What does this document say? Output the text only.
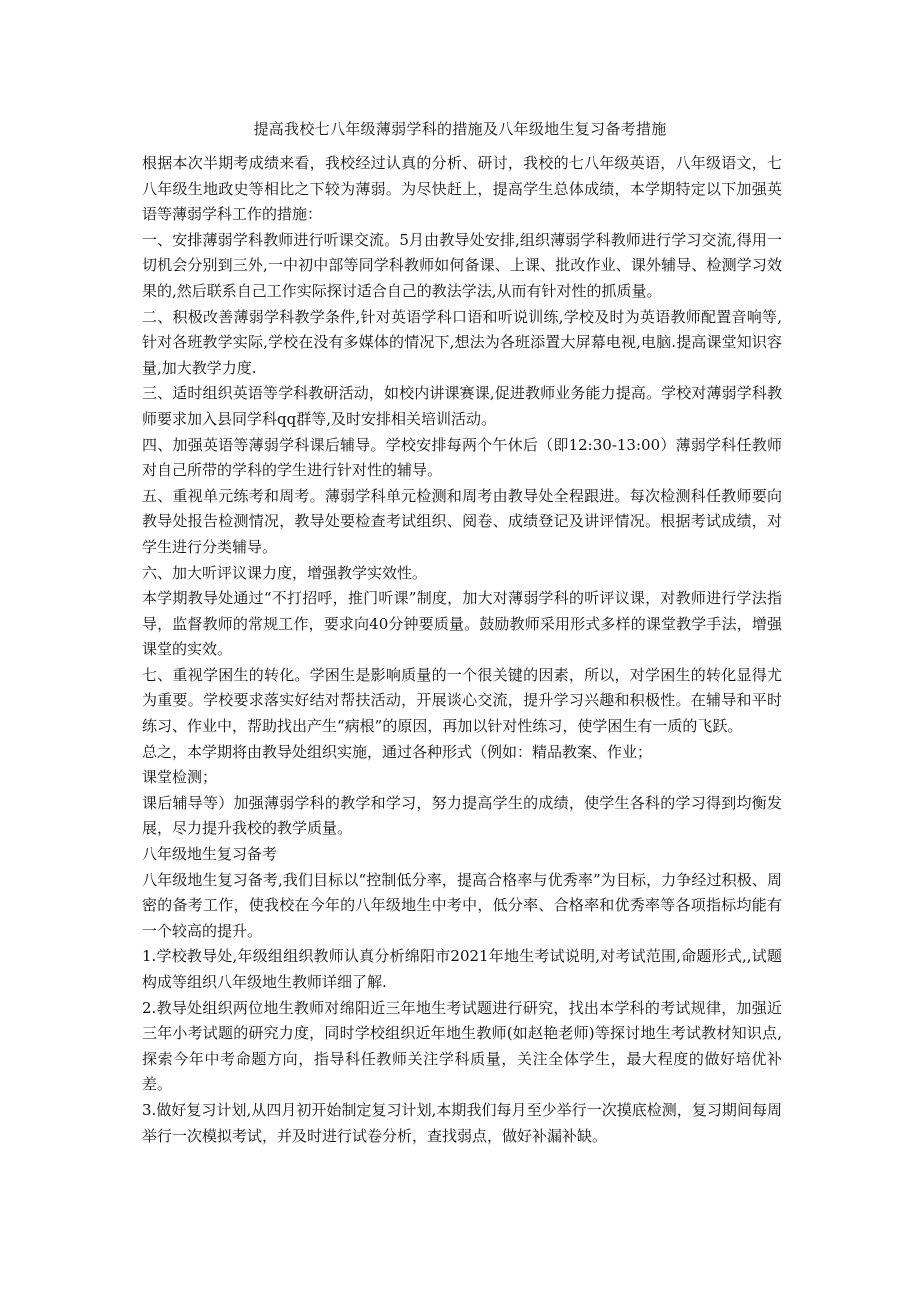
提高我校七八年级薄弱学科的措施及八年级地生复习备考措施

根据本次半期考成绩来看，我校经过认真的分析、研讨，我校的七八年级英语，八年级语文，七八年级生地政史等相比之下较为薄弱。为尽快赶上，提高学生总体成绩，本学期特定以下加强英语等薄弱学科工作的措施：

一、安排薄弱学科教师进行听课交流。5月由教导处安排,组织薄弱学科教师进行学习交流,得用一切机会分别到三外,一中初中部等同学科教师如何备课、上课、批改作业、课外辅导、检测学习效果的,然后联系自己工作实际探讨适合自己的教法学法,从而有针对性的抓质量。

二、积极改善薄弱学科教学条件,针对英语学科口语和听说训练,学校及时为英语教师配置音响等,针对各班教学实际,学校在没有多媒体的情况下,想法为各班添置大屏幕电视,电脑.提高课堂知识容量,加大教学力度.

三、适时组织英语等学科教研活动，如校内讲课赛课,促进教师业务能力提高。学校对薄弱学科教师要求加入县同学科qq群等,及时安排相关培训活动。

四、加强英语等薄弱学科课后辅导。学校安排每两个午休后（即12:30-13:00）薄弱学科任教师对自己所带的学科的学生进行针对性的辅导。

五、重视单元练考和周考。薄弱学科单元检测和周考由教导处全程跟进。每次检测科任教师要向教导处报告检测情况，教导处要检查考试组织、阅卷、成绩登记及讲评情况。根据考试成绩，对学生进行分类辅导。

六、加大听评议课力度，增强教学实效性。

本学期教导处通过“不打招呼，推门听课”制度，加大对薄弱学科的听评议课，对教师进行学法指导，监督教师的常规工作，要求向40分钟要质量。鼓励教师采用形式多样的课堂教学手法，增强课堂的实效。

七、重视学困生的转化。学困生是影响质量的一个很关键的因素，所以，对学困生的转化显得尤为重要。学校要求落实好结对帮扶活动，开展谈心交流，提升学习兴趣和积极性。在辅导和平时练习、作业中，帮助找出产生“病根”的原因，再加以针对性练习，使学困生有一质的飞跃。

总之，本学期将由教导处组织实施，通过各种形式（例如：精品教案、作业；

课堂检测；

课后辅导等）加强薄弱学科的教学和学习，努力提高学生的成绩，使学生各科的学习得到均衡发展，尽力提升我校的教学质量。

八年级地生复习备考

八年级地生复习备考,我们目标以“控制低分率，提高合格率与优秀率”为目标，力争经过积极、周密的备考工作，使我校在今年的八年级地生中考中，低分率、合格率和优秀率等各项指标均能有一个较高的提升。

1.学校教导处,年级组组织教师认真分析绵阳市2021年地生考试说明,对考试范围,命题形式,,试题构成等组织八年级地生教师详细了解.

2.教导处组织两位地生教师对绵阳近三年地生考试题进行研究，找出本学科的考试规律，加强近三年小考试题的研究力度，同时学校组织近年地生教师(如赵艳老师)等探讨地生考试教材知识点,探索今年中考命题方向，指导科任教师关注学科质量，关注全体学生，最大程度的做好培优补差。

3.做好复习计划,从四月初开始制定复习计划,本期我们每月至少举行一次摸底检测，复习期间每周举行一次模拟考试，并及时进行试卷分析，查找弱点，做好补漏补缺。
